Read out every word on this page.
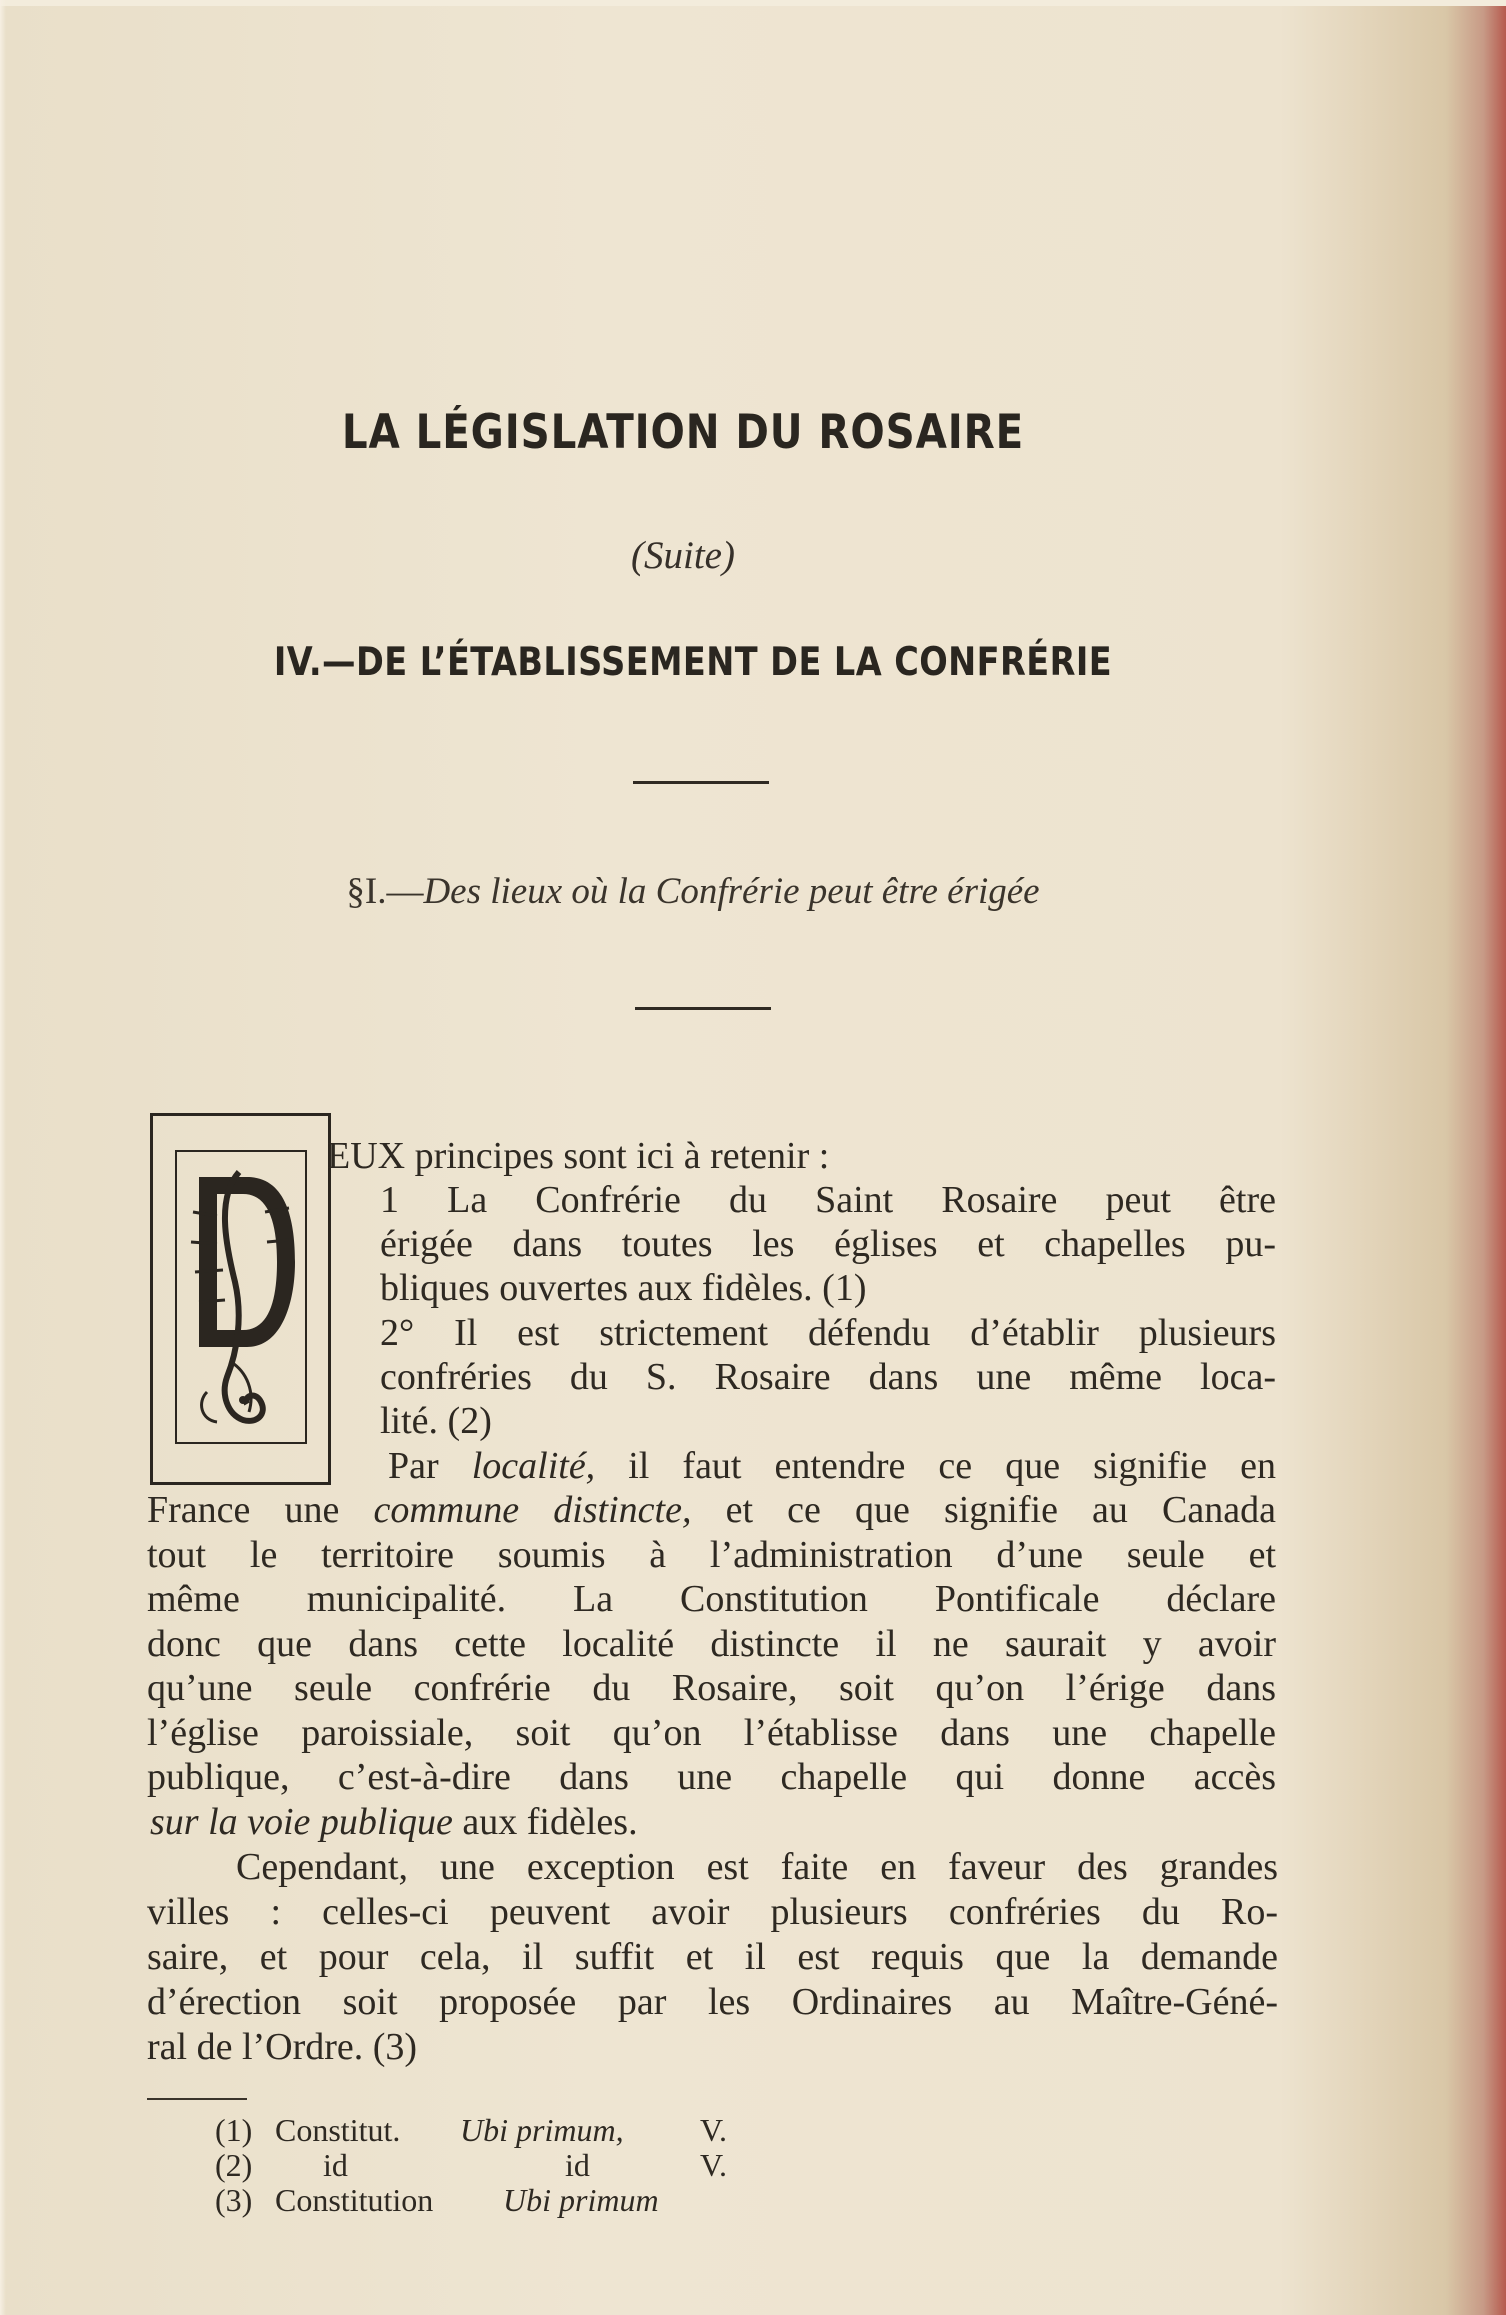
LA LÉGISLATION DU ROSAIRE
(Suite)
IV.—DE L’ÉTABLISSEMENT DE LA CONFRÉRIE
§I.—Des lieux où la Confrérie peut être érigée
EUX principes sont ici à retenir :
1 La Confrérie du Saint Rosaire peut être
érigée dans toutes les églises et chapelles pu-
bliques ouvertes aux fidèles. (1)
2° Il est strictement défendu d’établir plusieurs
confréries du S. Rosaire dans une même loca-
lité. (2)
Par localité, il faut entendre ce que signifie en
France une commune distincte, et ce que signifie au Canada
tout le territoire soumis à l’administration d’une seule et
même municipalité. La Constitution Pontificale déclare
donc que dans cette localité distincte il ne saurait y avoir
qu’une seule confrérie du Rosaire, soit qu’on l’érige dans
l’église paroissiale, soit qu’on l’établisse dans une chapelle
publique, c’est-à-dire dans une chapelle qui donne accès
sur la voie publique aux fidèles.
Cependant, une exception est faite en faveur des grandes
villes : celles-ci peuvent avoir plusieurs confréries du Ro-
saire, et pour cela, il suffit et il est requis que la demande
d’érection soit proposée par les Ordinaires au Maître-Géné-
ral de l’Ordre. (3)
(1) Constitut. Ubi primum, V.
(2) id	id	V.
(3) Constitution Ubi primum
